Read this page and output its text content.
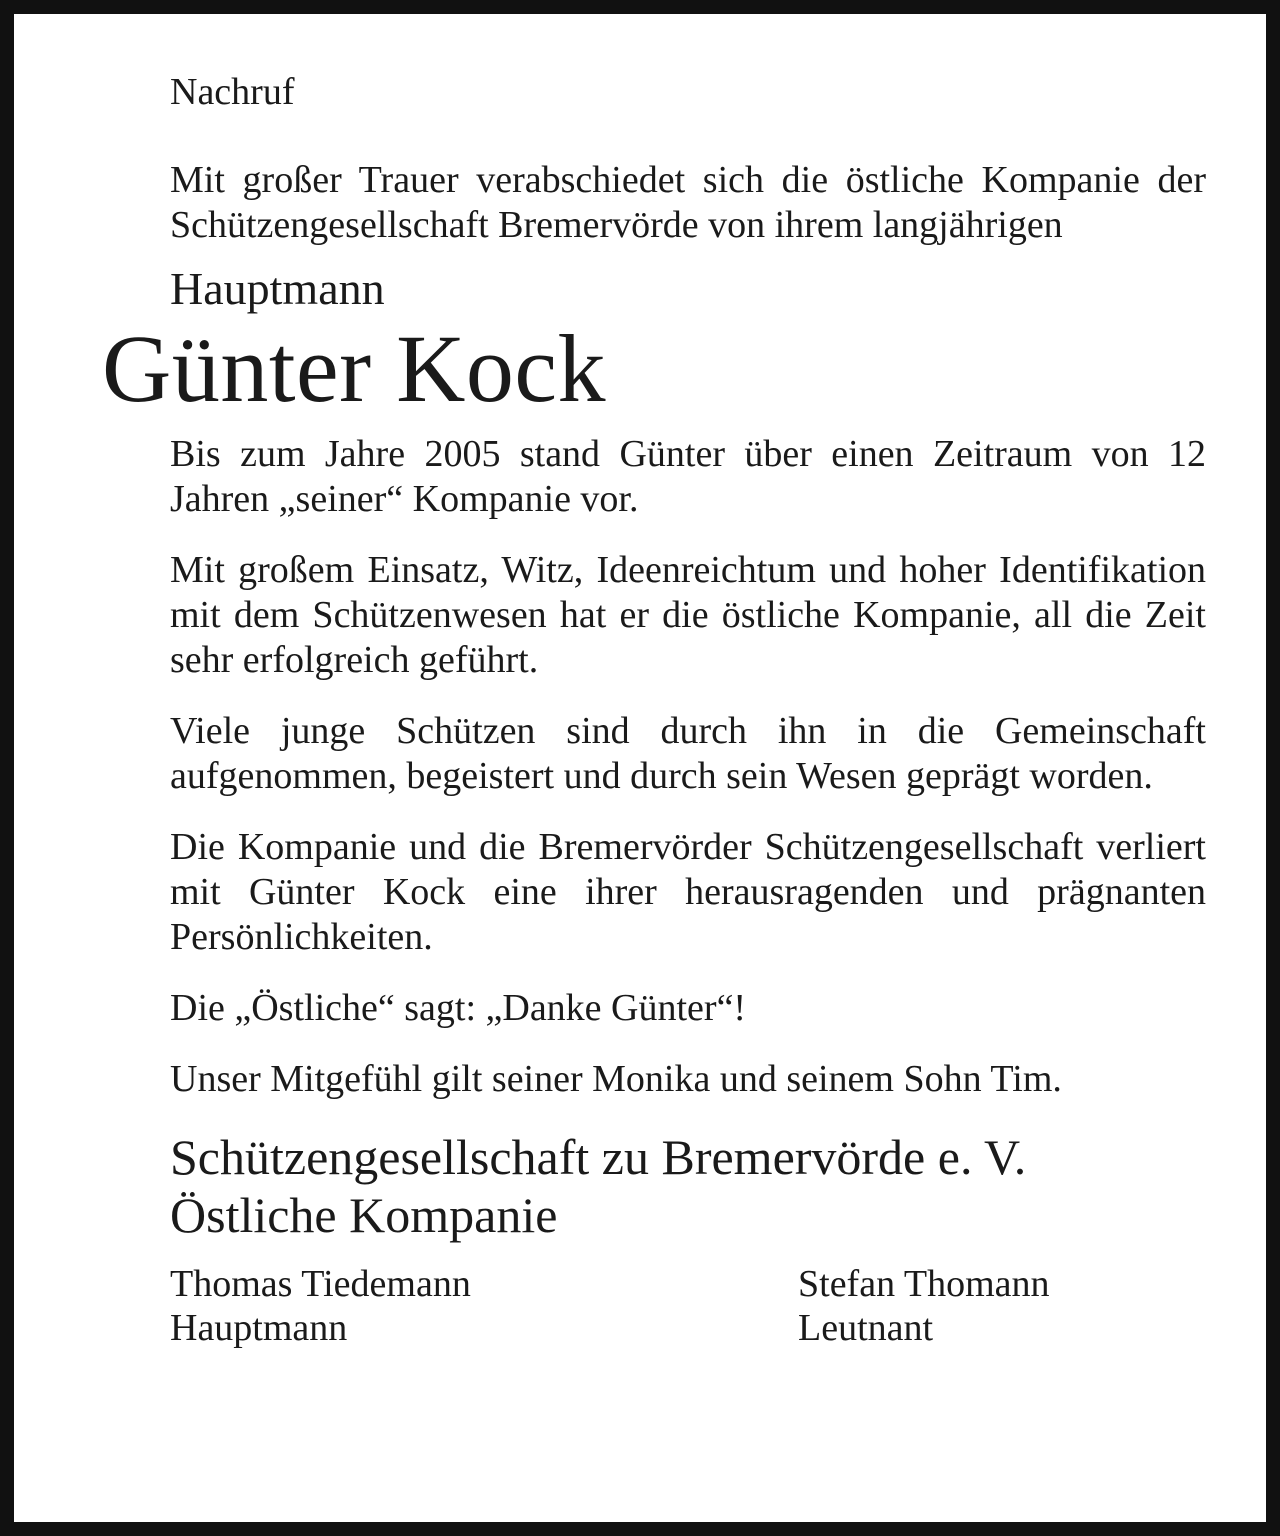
Nachruf

Mit großer Trauer verabschiedet sich die östliche Kompanie der Schützengesellschaft Bremervörde von ihrem langjährigen

Hauptmann

Günter Kock

Bis zum Jahre 2005 stand Günter über einen Zeitraum von 12 Jahren „seiner“ Kompanie vor.

Mit großem Einsatz, Witz, Ideenreichtum und hoher Identifikation mit dem Schützenwesen hat er die östliche Kompanie, all die Zeit sehr erfolgreich geführt.

Viele junge Schützen sind durch ihn in die Gemeinschaft aufgenommen, begeistert und durch sein Wesen geprägt worden.

Die Kompanie und die Bremervörder Schützengesellschaft verliert mit Günter Kock eine ihrer herausragenden und prägnanten Persönlichkeiten.

Die „Östliche“ sagt: „Danke Günter“!

Unser Mitgefühl gilt seiner Monika und seinem Sohn Tim.

Schützengesellschaft zu Bremervörde e. V.

Östliche Kompanie

Thomas Tiedemann
Hauptmann
Stefan Thomann
Leutnant
